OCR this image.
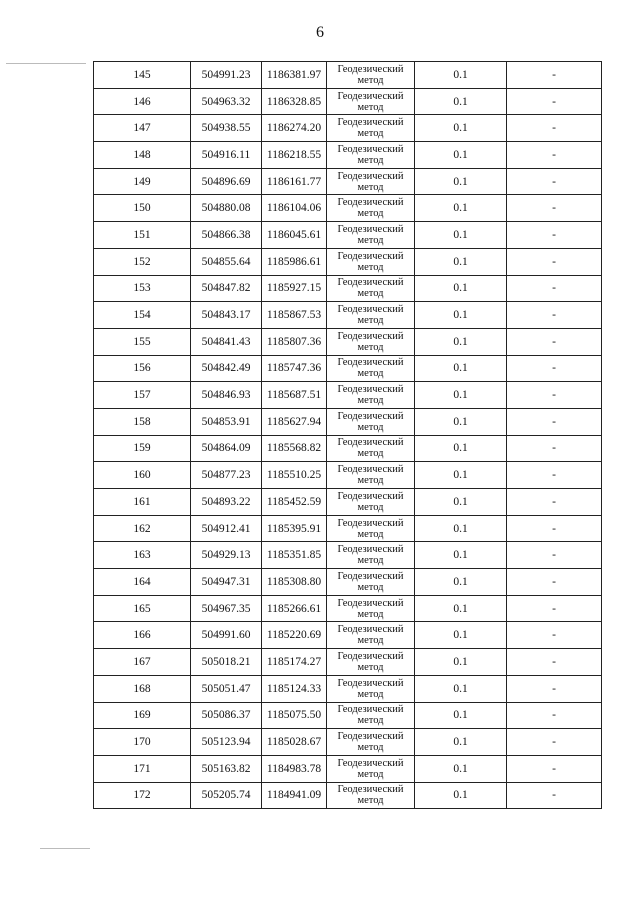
6
145	504991.23	1186381.97	Геодезический метод	0.1	-
146	504963.32	1186328.85	Геодезический метод	0.1	-
147	504938.55	1186274.20	Геодезический метод	0.1	-
148	504916.11	1186218.55	Геодезический метод	0.1	-
149	504896.69	1186161.77	Геодезический метод	0.1	-
150	504880.08	1186104.06	Геодезический метод	0.1	-
151	504866.38	1186045.61	Геодезический метод	0.1	-
152	504855.64	1185986.61	Геодезический метод	0.1	-
153	504847.82	1185927.15	Геодезический метод	0.1	-
154	504843.17	1185867.53	Геодезический метод	0.1	-
155	504841.43	1185807.36	Геодезический метод	0.1	-
156	504842.49	1185747.36	Геодезический метод	0.1	-
157	504846.93	1185687.51	Геодезический метод	0.1	-
158	504853.91	1185627.94	Геодезический метод	0.1	-
159	504864.09	1185568.82	Геодезический метод	0.1	-
160	504877.23	1185510.25	Геодезический метод	0.1	-
161	504893.22	1185452.59	Геодезический метод	0.1	-
162	504912.41	1185395.91	Геодезический метод	0.1	-
163	504929.13	1185351.85	Геодезический метод	0.1	-
164	504947.31	1185308.80	Геодезический метод	0.1	-
165	504967.35	1185266.61	Геодезический метод	0.1	-
166	504991.60	1185220.69	Геодезический метод	0.1	-
167	505018.21	1185174.27	Геодезический метод	0.1	-
168	505051.47	1185124.33	Геодезический метод	0.1	-
169	505086.37	1185075.50	Геодезический метод	0.1	-
170	505123.94	1185028.67	Геодезический метод	0.1	-
171	505163.82	1184983.78	Геодезический метод	0.1	-
172	505205.74	1184941.09	Геодезический метод	0.1	-
